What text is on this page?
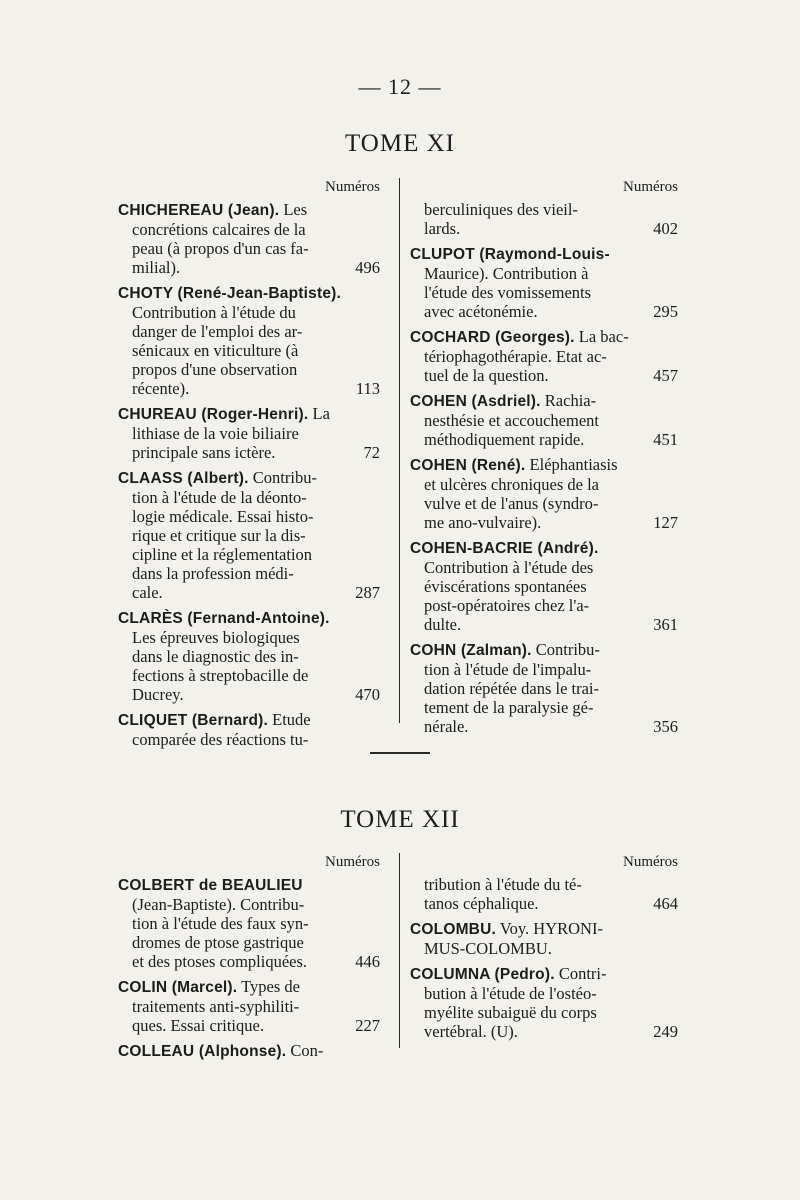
— 12 —
TOME XI
Numéros
CHICHEREAU (Jean). Les
concrétions calcaires de la
peau (à propos d'un cas fa-
milial).	496
CHOTY (René-Jean-Baptiste).
Contribution à l'étude du
danger de l'emploi des ar-
sénicaux en viticulture (à
propos d'une observation
récente).	113
CHUREAU (Roger-Henri). La
lithiase de la voie biliaire
principale sans ictère.	72
CLAASS (Albert). Contribu-
tion à l'étude de la déonto-
logie médicale. Essai histo-
rique et critique sur la dis-
cipline et la réglementation
dans la profession médi-
cale.	287
CLARÈS (Fernand-Antoine).
Les épreuves biologiques
dans le diagnostic des in-
fections à streptobacille de
Ducrey.	470
CLIQUET (Bernard). Etude
comparée des réactions tu-
Numéros
berculiniques des vieil-
lards.	402
CLUPOT (Raymond-Louis-
Maurice). Contribution à
l'étude des vomissements
avec acétonémie.	295
COCHARD (Georges). La bac-
tériophagothérapie. Etat ac-
tuel de la question.	457
COHEN (Asdriel). Rachia-
nesthésie et accouchement
méthodiquement rapide.	451
COHEN (René). Eléphantiasis
et ulcères chroniques de la
vulve et de l'anus (syndro-
me ano-vulvaire).	127
COHEN-BACRIE (André).
Contribution à l'étude des
éviscérations spontanées
post-opératoires chez l'a-
dulte.	361
COHN (Zalman). Contribu-
tion à l'étude de l'impalu-
dation répétée dans le trai-
tement de la paralysie gé-
nérale.	356
TOME XII
Numéros
COLBERT de BEAULIEU
(Jean-Baptiste). Contribu-
tion à l'étude des faux syn-
dromes de ptose gastrique
et des ptoses compliquées.	446
COLIN (Marcel). Types de
traitements anti-syphiliti-
ques. Essai critique.	227
COLLEAU (Alphonse). Con-
Numéros
tribution à l'étude du té-
tanos céphalique.	464
COLOMBU. Voy. HYRONI-
MUS-COLOMBU.
COLUMNA (Pedro). Contri-
bution à l'étude de l'ostéo-
myélite subaiguë du corps
vertébral. (U).	249
